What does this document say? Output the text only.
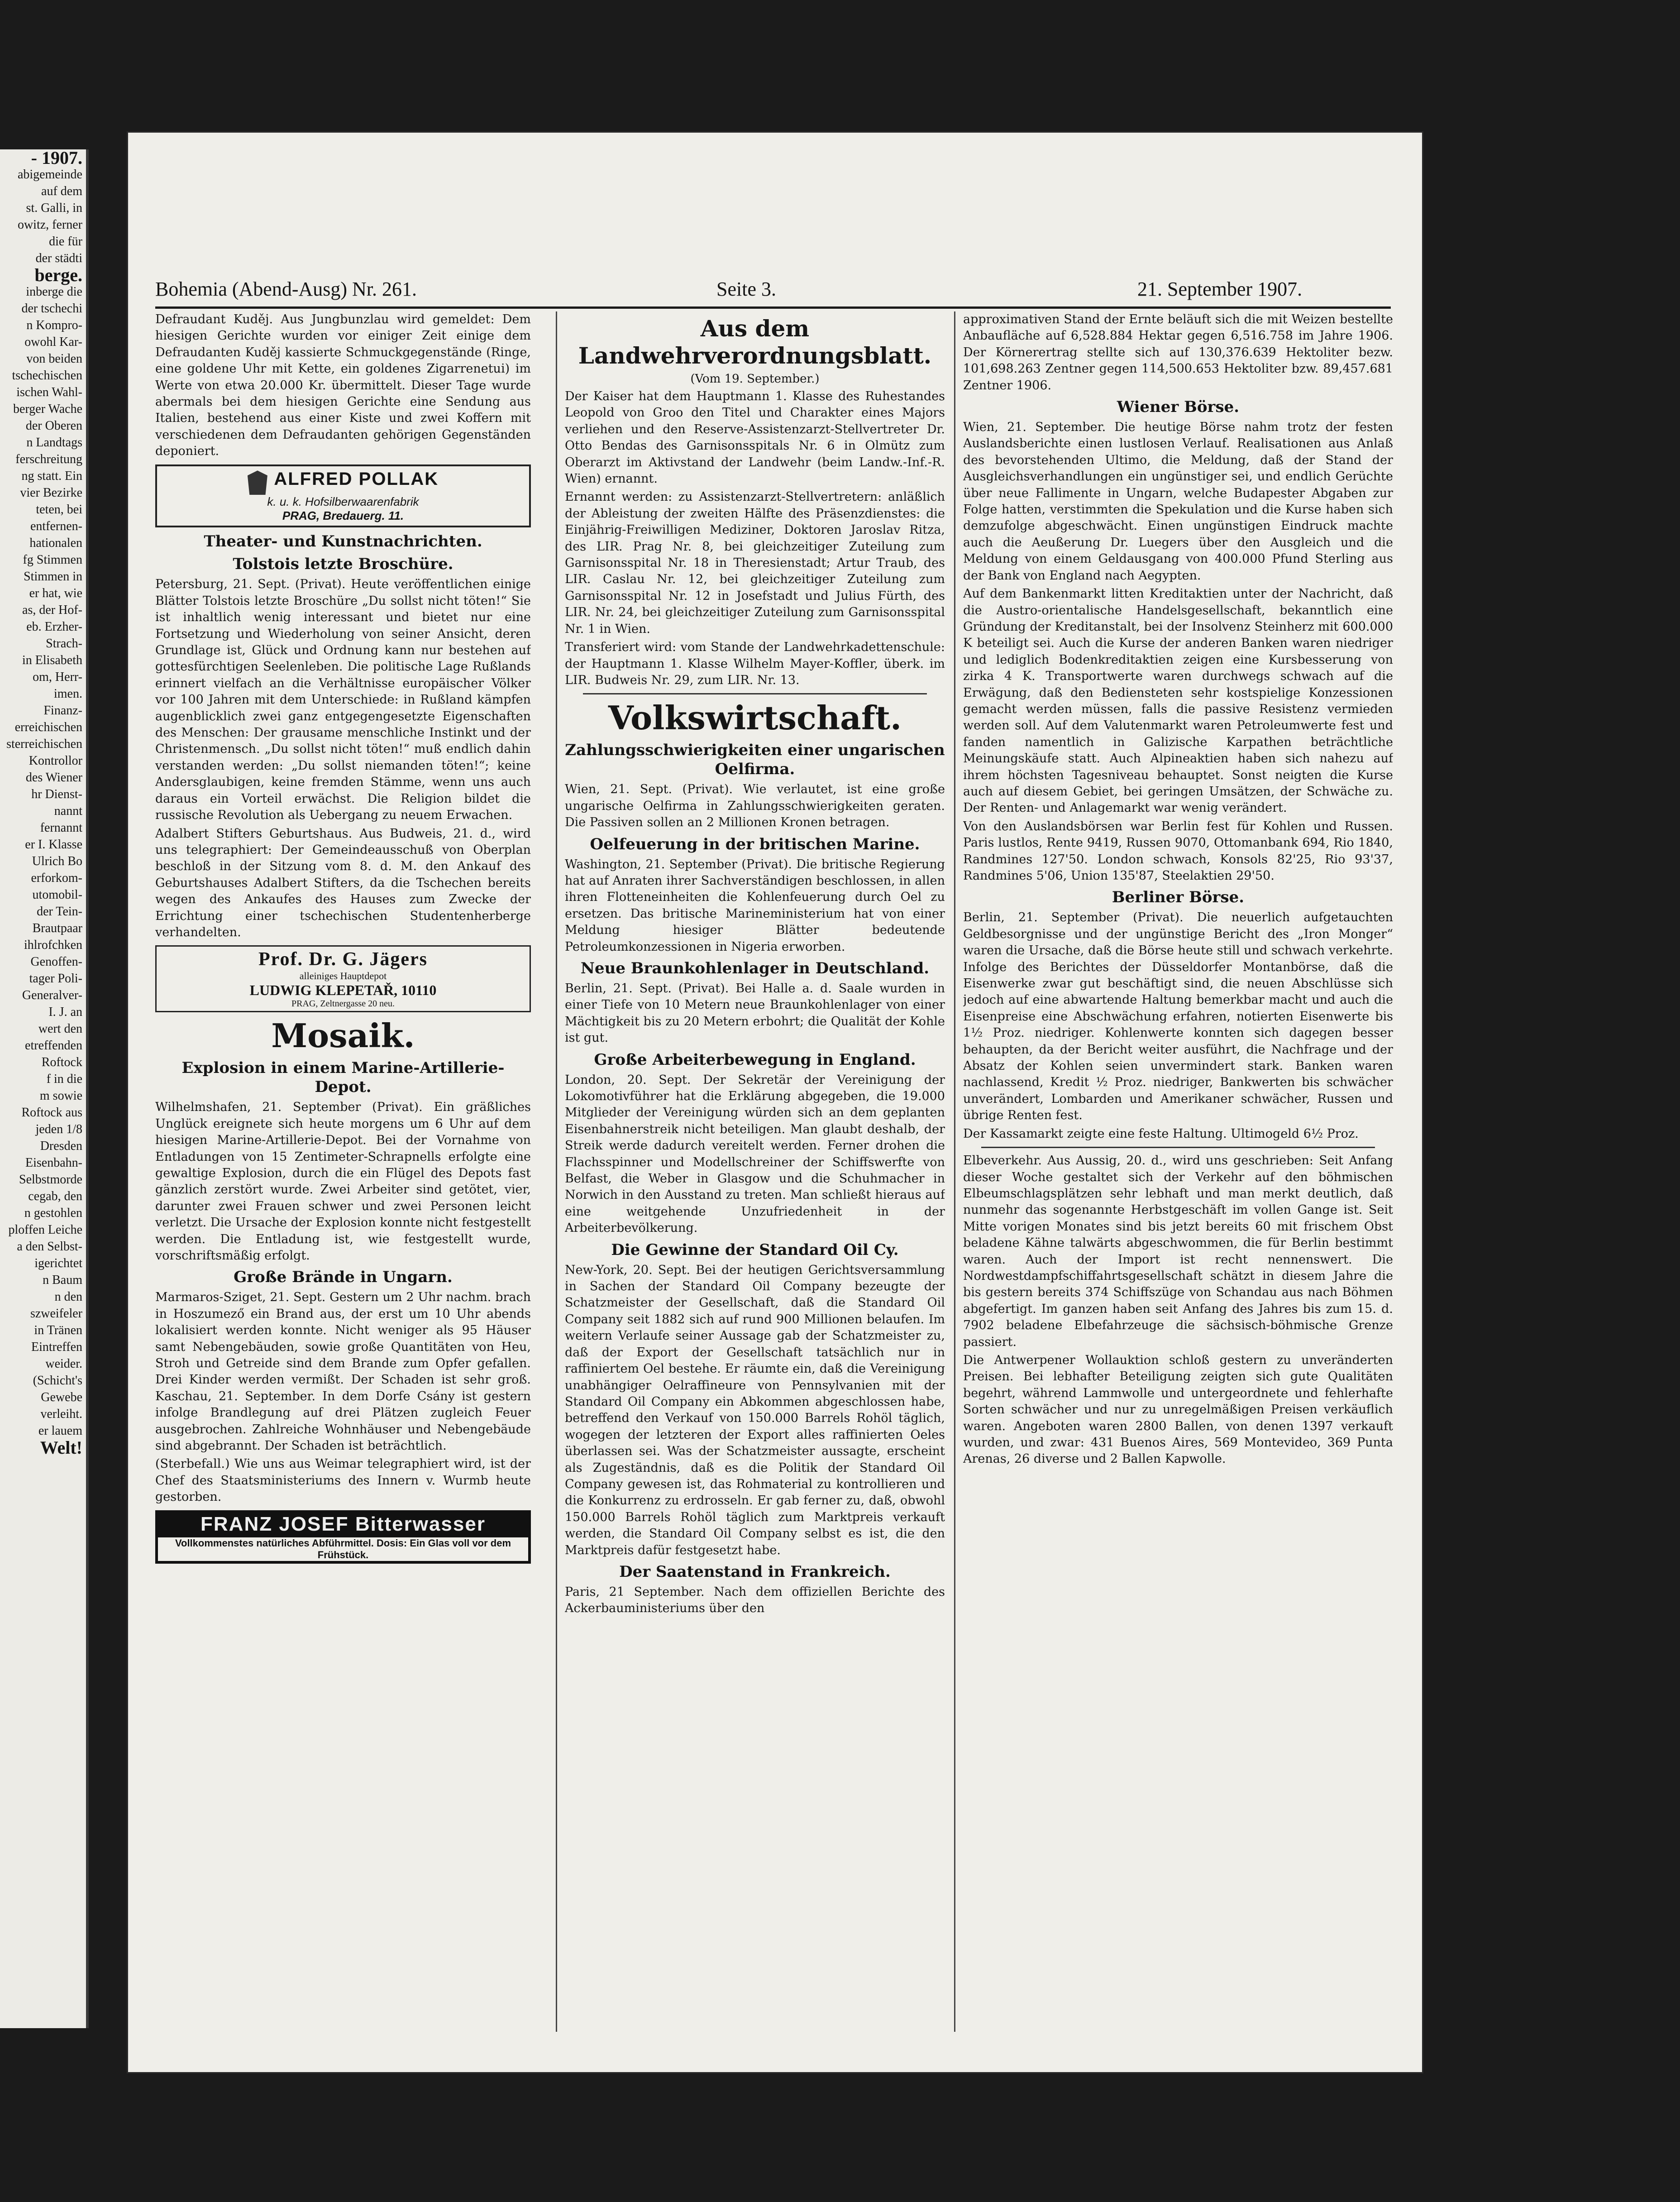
- 1907.
abigemeinde
auf dem
st. Galli, in
owitz, ferner
die für
der städti
berge.
inberge die
der tschechi
n Kompro-
owohl Kar-
von beiden
tschechischen
ischen Wahl-
berger Wache
der Oberen
n Landtags
ferschreitung
ng statt. Ein
vier Bezirke
teten, bei
entfernen-
hationalen
fg Stimmen
Stimmen in
er hat, wie
as, der Hof-
eb. Erzher-
Strach-
in Elisabeth
om, Herr-
imen.
Finanz-
erreichischen
sterreichischen
Kontrollor
des Wiener
hr Dienst-
nannt
fernannt
er I. Klasse
Ulrich Bo
erforkom-
utomobil-
der Tein-
Brautpaar
ihlrofchken
Genoffen-
tager Poli-
Generalver-
I. J. an
wert den
etreffenden
Roftock
f in die
m sowie
Roftock aus
jeden 1/8
Dresden
Eisenbahn-
Selbstmorde
cegab, den
n gestohlen
ploffen Leiche
a den Selbst-
igerichtet
n Baum
n den
szweifeler
in Tränen
Eintreffen
weider.
(Schicht's
Gewebe
verleiht.
er lauem
Welt!
Bohemia (Abend-Ausg) Nr. 261.	Seite 3.	21. September 1907.

Defraudant Kuděj. Aus Jungbunzlau wird gemeldet: Dem hiesigen Gerichte wurden vor einiger Zeit einige dem Defraudanten Kuděj kassierte Schmuckgegenstände (Ringe, eine goldene Uhr mit Kette, ein goldenes Zigarrenetui) im Werte von etwa 20.000 Kr. übermittelt. Dieser Tage wurde abermals bei dem hiesigen Gerichte eine Sendung aus Italien, bestehend aus einer Kiste und zwei Koffern mit verschiedenen dem Defraudanten gehörigen Gegenständen deponiert.

ALFRED POLLAK
k. u. k. Hofsilberwaarenfabrik
PRAG, Bredauerg. 11.
Theater- und Kunstnachrichten.
Tolstois letzte Broschüre.

Petersburg, 21. Sept. (Privat). Heute veröffentlichen einige Blätter Tolstois letzte Broschüre „Du sollst nicht töten!“ Sie ist inhaltlich wenig interessant und bietet nur eine Fortsetzung und Wiederholung von seiner Ansicht, deren Grundlage ist, Glück und Ordnung kann nur bestehen auf gottesfürchtigen Seelenleben. Die politische Lage Rußlands erinnert vielfach an die Verhältnisse europäischer Völker vor 100 Jahren mit dem Unterschiede: in Rußland kämpfen augenblicklich zwei ganz entgegengesetzte Eigenschaften des Menschen: Der grausame menschliche Instinkt und der Christenmensch. „Du sollst nicht töten!“ muß endlich dahin verstanden werden: „Du sollst niemanden töten!“; keine Andersglaubigen, keine fremden Stämme, wenn uns auch daraus ein Vorteil erwächst. Die Religion bildet die russische Revolution als Uebergang zu neuem Erwachen.

Adalbert Stifters Geburtshaus. Aus Budweis, 21. d., wird uns telegraphiert: Der Gemeindeausschuß von Oberplan beschloß in der Sitzung vom 8. d. M. den Ankauf des Geburtshauses Adalbert Stifters, da die Tschechen bereits wegen des Ankaufes des Hauses zum Zwecke der Errichtung einer tschechischen Studentenherberge verhandelten.

Prof. Dr. G. Jägers
alleiniges Hauptdepot
LUDWIG KLEPETAŘ, 10110
PRAG, Zeltnergasse 20 neu.
Mosaik.
Explosion in einem Marine-Artillerie-Depot.

Wilhelmshafen, 21. September (Privat). Ein gräßliches Unglück ereignete sich heute morgens um 6 Uhr auf dem hiesigen Marine-Artillerie-Depot. Bei der Vornahme von Entladungen von 15 Zentimeter-Schrapnells erfolgte eine gewaltige Explosion, durch die ein Flügel des Depots fast gänzlich zerstört wurde. Zwei Arbeiter sind getötet, vier, darunter zwei Frauen schwer und zwei Personen leicht verletzt. Die Ursache der Explosion konnte nicht festgestellt werden. Die Entladung ist, wie festgestellt wurde, vorschriftsmäßig erfolgt.

Große Brände in Ungarn.

Marmaros-Sziget, 21. Sept. Gestern um 2 Uhr nachm. brach in Hoszumező ein Brand aus, der erst um 10 Uhr abends lokalisiert werden konnte. Nicht weniger als 95 Häuser samt Nebengebäuden, sowie große Quantitäten von Heu, Stroh und Getreide sind dem Brande zum Opfer gefallen. Drei Kinder werden vermißt. Der Schaden ist sehr groß. Kaschau, 21. September. In dem Dorfe Csány ist gestern infolge Brandlegung auf drei Plätzen zugleich Feuer ausgebrochen. Zahlreiche Wohnhäuser und Nebengebäude sind abgebrannt. Der Schaden ist beträchtlich.

(Sterbefall.) Wie uns aus Weimar telegraphiert wird, ist der Chef des Staatsministeriums des Innern v. Wurmb heute gestorben.

FRANZ JOSEF Bitterwasser
Vollkommenstes natürliches Abführmittel. Dosis: Ein Glas voll vor dem Frühstück.
Aus dem Landwehrverordnungsblatt.
(Vom 19. September.)

Der Kaiser hat dem Hauptmann 1. Klasse des Ruhestandes Leopold von Groo den Titel und Charakter eines Majors verliehen und den Reserve-Assistenzarzt-Stellvertreter Dr. Otto Bendas des Garnisonsspitals Nr. 6 in Olmütz zum Oberarzt im Aktivstand der Landwehr (beim Landw.-Inf.-R. Wien) ernannt.

Ernannt werden: zu Assistenzarzt-Stellvertretern: anläßlich der Ableistung der zweiten Hälfte des Präsenzdienstes: die Einjährig-Freiwilligen Mediziner, Doktoren Jaroslav Ritza, des LIR. Prag Nr. 8, bei gleichzeitiger Zuteilung zum Garnisonsspital Nr. 18 in Theresienstadt; Artur Traub, des LIR. Caslau Nr. 12, bei gleichzeitiger Zuteilung zum Garnisonsspital Nr. 12 in Josefstadt und Julius Fürth, des LIR. Nr. 24, bei gleichzeitiger Zuteilung zum Garnisonsspital Nr. 1 in Wien.

Transferiert wird: vom Stande der Landwehrkadettenschule: der Hauptmann 1. Klasse Wilhelm Mayer-Koffler, überk. im LIR. Budweis Nr. 29, zum LIR. Nr. 13.

Volkswirtschaft.
Zahlungsschwierigkeiten einer ungarischen Oelfirma.

Wien, 21. Sept. (Privat). Wie verlautet, ist eine große ungarische Oelfirma in Zahlungsschwierigkeiten geraten. Die Passiven sollen an 2 Millionen Kronen betragen.

Oelfeuerung in der britischen Marine.

Washington, 21. September (Privat). Die britische Regierung hat auf Anraten ihrer Sachverständigen beschlossen, in allen ihren Flotteneinheiten die Kohlenfeuerung durch Oel zu ersetzen. Das britische Marineministerium hat von einer Meldung hiesiger Blätter bedeutende Petroleumkonzessionen in Nigeria erworben.

Neue Braunkohlenlager in Deutschland.

Berlin, 21. Sept. (Privat). Bei Halle a. d. Saale wurden in einer Tiefe von 10 Metern neue Braunkohlenlager von einer Mächtigkeit bis zu 20 Metern erbohrt; die Qualität der Kohle ist gut.

Große Arbeiterbewegung in England.

London, 20. Sept. Der Sekretär der Vereinigung der Lokomotivführer hat die Erklärung abgegeben, die 19.000 Mitglieder der Vereinigung würden sich an dem geplanten Eisenbahnerstreik nicht beteiligen. Man glaubt deshalb, der Streik werde dadurch vereitelt werden. Ferner drohen die Flachsspinner und Modellschreiner der Schiffswerfte von Belfast, die Weber in Glasgow und die Schuhmacher in Norwich in den Ausstand zu treten. Man schließt hieraus auf eine weitgehende Unzufriedenheit in der Arbeiterbevölkerung.

Die Gewinne der Standard Oil Cy.

New-York, 20. Sept. Bei der heutigen Gerichtsversammlung in Sachen der Standard Oil Company bezeugte der Schatzmeister der Gesellschaft, daß die Standard Oil Company seit 1882 sich auf rund 900 Millionen belaufen. Im weitern Verlaufe seiner Aussage gab der Schatzmeister zu, daß der Export der Gesellschaft tatsächlich nur in raffiniertem Oel bestehe. Er räumte ein, daß die Vereinigung unabhängiger Oelraffineure von Pennsylvanien mit der Standard Oil Company ein Abkommen abgeschlossen habe, betreffend den Verkauf von 150.000 Barrels Rohöl täglich, wogegen der letzteren der Export alles raffinierten Oeles überlassen sei. Was der Schatzmeister aussagte, erscheint als Zugeständnis, daß es die Politik der Standard Oil Company gewesen ist, das Rohmaterial zu kontrollieren und die Konkurrenz zu erdrosseln. Er gab ferner zu, daß, obwohl 150.000 Barrels Rohöl täglich zum Marktpreis verkauft werden, die Standard Oil Company selbst es ist, die den Marktpreis dafür festgesetzt habe.

Der Saatenstand in Frankreich.

Paris, 21 September. Nach dem offiziellen Berichte des Ackerbauministeriums über den

approximativen Stand der Ernte beläuft sich die mit Weizen bestellte Anbaufläche auf 6,528.884 Hektar gegen 6,516.758 im Jahre 1906. Der Körnerertrag stellte sich auf 130,376.639 Hektoliter bezw. 101,698.263 Zentner gegen 114,500.653 Hektoliter bzw. 89,457.681 Zentner 1906.

Wiener Börse.

Wien, 21. September. Die heutige Börse nahm trotz der festen Auslandsberichte einen lustlosen Verlauf. Realisationen aus Anlaß des bevorstehenden Ultimo, die Meldung, daß der Stand der Ausgleichsverhandlungen ein ungünstiger sei, und endlich Gerüchte über neue Fallimente in Ungarn, welche Budapester Abgaben zur Folge hatten, verstimmten die Spekulation und die Kurse haben sich demzufolge abgeschwächt. Einen ungünstigen Eindruck machte auch die Aeußerung Dr. Luegers über den Ausgleich und die Meldung von einem Geldausgang von 400.000 Pfund Sterling aus der Bank von England nach Aegypten.

Auf dem Bankenmarkt litten Kreditaktien unter der Nachricht, daß die Austro-orientalische Handelsgesellschaft, bekanntlich eine Gründung der Kreditanstalt, bei der Insolvenz Steinherz mit 600.000 K beteiligt sei. Auch die Kurse der anderen Banken waren niedriger und lediglich Bodenkreditaktien zeigen eine Kursbesserung von zirka 4 K. Transportwerte waren durchwegs schwach auf die Erwägung, daß den Bediensteten sehr kostspielige Konzessionen gemacht werden müssen, falls die passive Resistenz vermieden werden soll. Auf dem Valutenmarkt waren Petroleumwerte fest und fanden namentlich in Galizische Karpathen beträchtliche Meinungskäufe statt. Auch Alpineaktien haben sich nahezu auf ihrem höchsten Tagesniveau behauptet. Sonst neigten die Kurse auch auf diesem Gebiet, bei geringen Umsätzen, der Schwäche zu. Der Renten- und Anlagemarkt war wenig verändert.

Von den Auslandsbörsen war Berlin fest für Kohlen und Russen. Paris lustlos, Rente 9419, Russen 9070, Ottomanbank 694, Rio 1840, Randmines 127'50. London schwach, Konsols 82'25, Rio 93'37, Randmines 5'06, Union 135'87, Steelaktien 29'50.

Berliner Börse.

Berlin, 21. September (Privat). Die neuerlich aufgetauchten Geldbesorgnisse und der ungünstige Bericht des „Iron Monger“ waren die Ursache, daß die Börse heute still und schwach verkehrte. Infolge des Berichtes der Düsseldorfer Montanbörse, daß die Eisenwerke zwar gut beschäftigt sind, die neuen Abschlüsse sich jedoch auf eine abwartende Haltung bemerkbar macht und auch die Eisenpreise eine Abschwächung erfahren, notierten Eisenwerte bis 1½ Proz. niedriger. Kohlenwerte konnten sich dagegen besser behaupten, da der Bericht weiter ausführt, die Nachfrage und der Absatz der Kohlen seien unvermindert stark. Banken waren nachlassend, Kredit ½ Proz. niedriger, Bankwerten bis schwächer unverändert, Lombarden und Amerikaner schwächer, Russen und übrige Renten fest.

Der Kassamarkt zeigte eine feste Haltung. Ultimogeld 6½ Proz.

Elbeverkehr. Aus Aussig, 20. d., wird uns geschrieben: Seit Anfang dieser Woche gestaltet sich der Verkehr auf den böhmischen Elbeumschlagsplätzen sehr lebhaft und man merkt deutlich, daß nunmehr das sogenannte Herbstgeschäft im vollen Gange ist. Seit Mitte vorigen Monates sind bis jetzt bereits 60 mit frischem Obst beladene Kähne talwärts abgeschwommen, die für Berlin bestimmt waren. Auch der Import ist recht nennenswert. Die Nordwestdampfschiffahrtsgesellschaft schätzt in diesem Jahre die bis gestern bereits 374 Schiffszüge von Schandau aus nach Böhmen abgefertigt. Im ganzen haben seit Anfang des Jahres bis zum 15. d. 7902 beladene Elbefahrzeuge die sächsisch-böhmische Grenze passiert.

Die Antwerpener Wollauktion schloß gestern zu unveränderten Preisen. Bei lebhafter Beteiligung zeigten sich gute Qualitäten begehrt, während Lammwolle und untergeordnete und fehlerhafte Sorten schwächer und nur zu unregelmäßigen Preisen verkäuflich waren. Angeboten waren 2800 Ballen, von denen 1397 verkauft wurden, und zwar: 431 Buenos Aires, 569 Montevideo, 369 Punta Arenas, 26 diverse und 2 Ballen Kapwolle.
